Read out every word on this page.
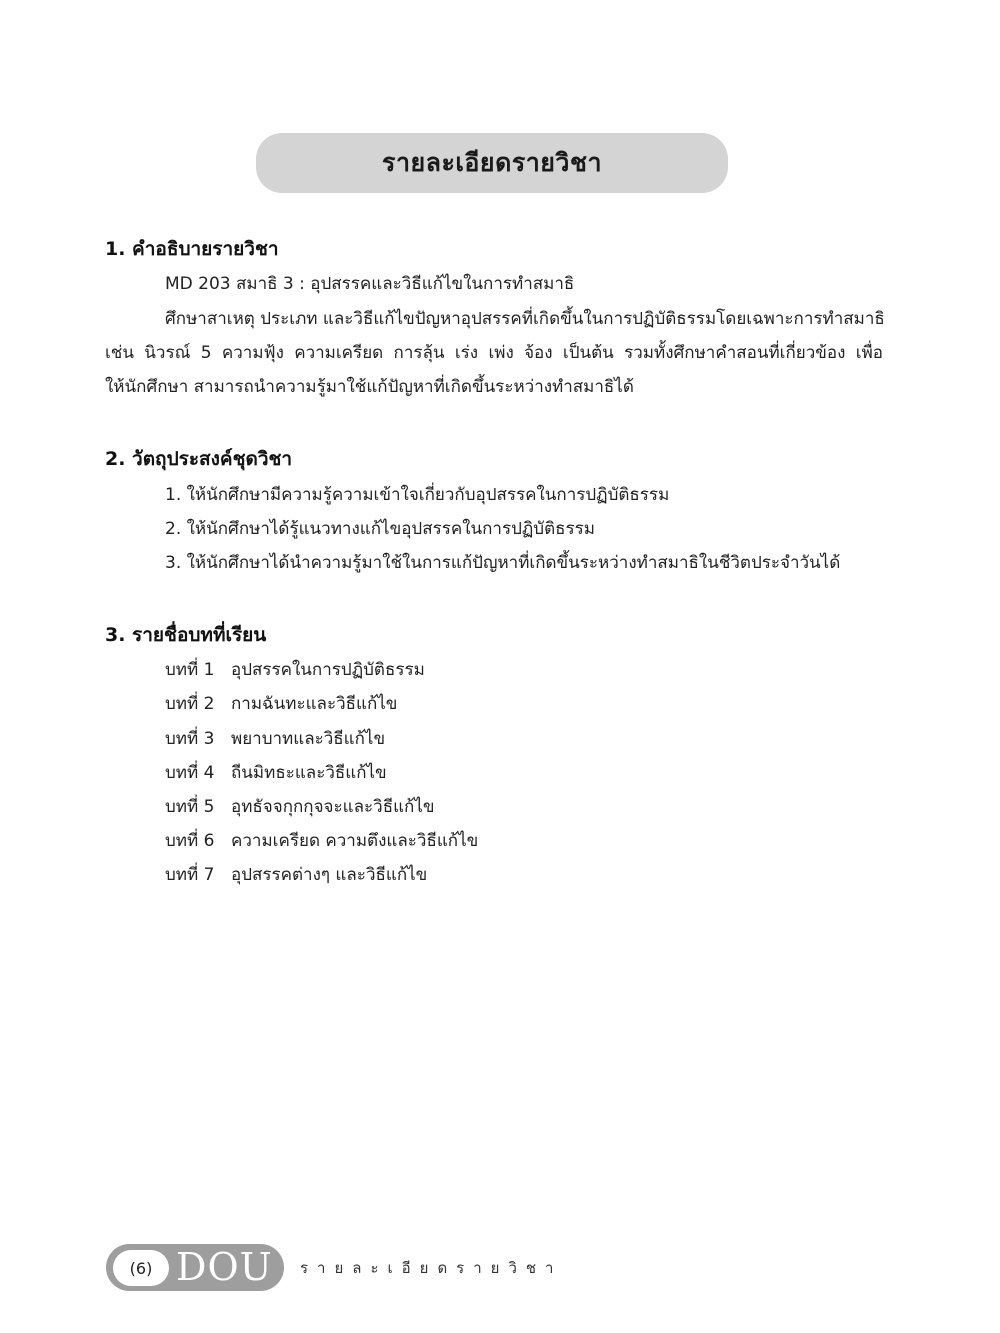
รายละเอียดรายวิชา
1. คำอธิบายรายวิชา

MD 203 สมาธิ 3 : อุปสรรคและวิธีแก้ไขในการทำสมาธิ

ศึกษาสาเหตุ ประเภท และวิธีแก้ไขปัญหาอุปสรรคที่เกิดขึ้นในการปฏิบัติธรรมโดยเฉพาะการทำสมาธิ

เช่น นิวรณ์ 5 ความฟุ้ง ความเครียด การลุ้น เร่ง เพ่ง จ้อง เป็นต้น รวมทั้งศึกษาคำสอนที่เกี่ยวข้อง เพื่อ

ให้นักศึกษา สามารถนำความรู้มาใช้แก้ปัญหาที่เกิดขึ้นระหว่างทำสมาธิได้

2. วัตถุประสงค์ชุดวิชา

1. ให้นักศึกษามีความรู้ความเข้าใจเกี่ยวกับอุปสรรคในการปฏิบัติธรรม

2. ให้นักศึกษาได้รู้แนวทางแก้ไขอุปสรรคในการปฏิบัติธรรม

3. ให้นักศึกษาได้นำความรู้มาใช้ในการแก้ปัญหาที่เกิดขึ้นระหว่างทำสมาธิในชีวิตประจำวันได้

3. รายชื่อบทที่เรียน
บทที่ 1 อุปสรรคในการปฏิบัติธรรม
บทที่ 2 กามฉันทะและวิธีแก้ไข
บทที่ 3 พยาบาทและวิธีแก้ไข
บทที่ 4 ถีนมิทธะและวิธีแก้ไข
บทที่ 5 อุทธัจจกุกกุจจะและวิธีแก้ไข
บทที่ 6 ความเครียด ความตึงและวิธีแก้ไข
บทที่ 7 อุปสรรคต่างๆ และวิธีแก้ไข
(6) DOU รายละเอียดรายวิชา
